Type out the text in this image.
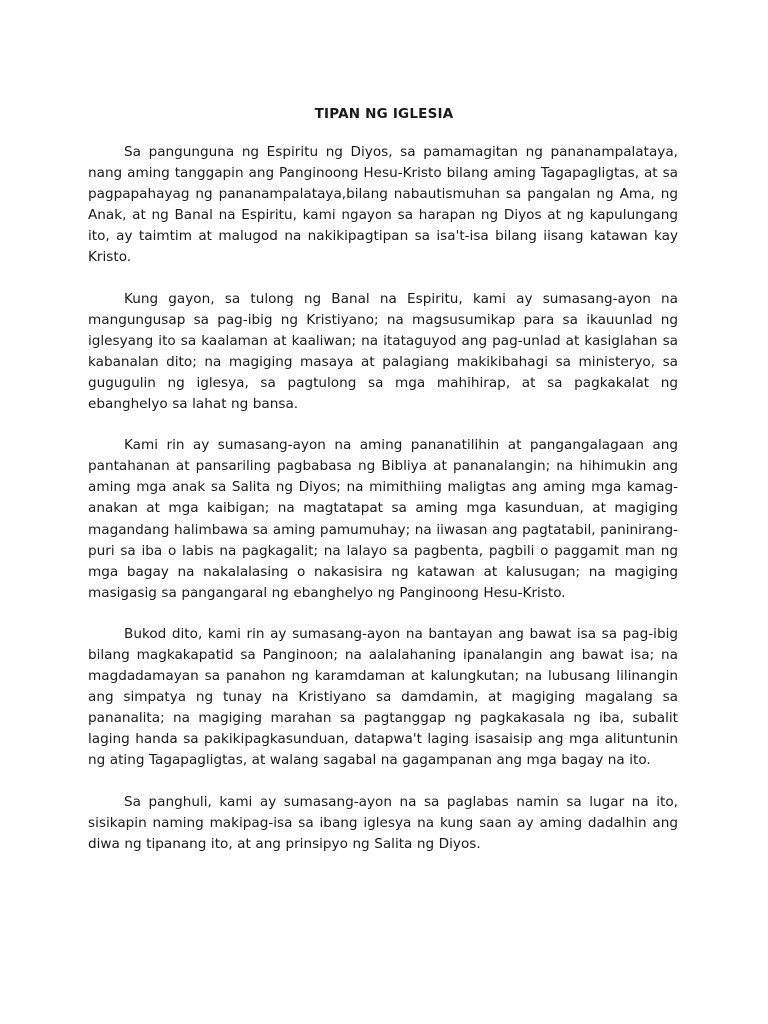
TIPAN NG IGLESIA

Sa pangunguna ng Espiritu ng Diyos, sa pamamagitan ng pananampalataya, nang aming tanggapin ang Panginoong Hesu-Kristo bilang aming Tagapagligtas, at sa pagpapahayag ng pananampalataya,bilang nabautismuhan sa pangalan ng Ama, ng Anak, at ng Banal na Espiritu, kami ngayon sa harapan ng Diyos at ng kapulungang ito, ay taimtim at malugod na nakikipagtipan sa isa't-isa bilang iisang katawan kay Kristo.

Kung gayon, sa tulong ng Banal na Espiritu, kami ay sumasang-ayon na mangungusap sa pag-ibig ng Kristiyano; na magsusumikap para sa ikauunlad ng iglesyang ito sa kaalaman at kaaliwan; na itataguyod ang pag-unlad at kasiglahan sa kabanalan dito; na magiging masaya at palagiang makikibahagi sa ministeryo, sa gugugulin ng iglesya, sa pagtulong sa mga mahihirap, at sa pagkakalat ng ebanghelyo sa lahat ng bansa.

Kami rin ay sumasang-ayon na aming pananatilihin at pangangalagaan ang pantahanan at pansariling pagbabasa ng Bibliya at pananalangin; na hihimukin ang aming mga anak sa Salita ng Diyos; na mimithiing maligtas ang aming mga kamag-anakan at mga kaibigan; na magtatapat sa aming mga kasunduan, at magiging magandang halimbawa sa aming pamumuhay; na iiwasan ang pagtatabil, paninirang-puri sa iba o labis na pagkagalit; na lalayo sa pagbenta, pagbili o paggamit man ng mga bagay na nakalalasing o nakasisira ng katawan at kalusugan; na magiging masigasig sa pangangaral ng ebanghelyo ng Panginoong Hesu-Kristo.

Bukod dito, kami rin ay sumasang-ayon na bantayan ang bawat isa sa pag-ibig bilang magkakapatid sa Panginoon; na aalalahaning ipanalangin ang bawat isa; na magdadamayan sa panahon ng karamdaman at kalungkutan; na lubusang lilinangin ang simpatya ng tunay na Kristiyano sa damdamin, at magiging magalang sa pananalita; na magiging marahan sa pagtanggap ng pagkakasala ng iba, subalit laging handa sa pakikipagkasunduan, datapwa't laging isasaisip ang mga alituntunin ng ating Tagapagligtas, at walang sagabal na gagampanan ang mga bagay na ito.

Sa panghuli, kami ay sumasang-ayon na sa paglabas namin sa lugar na ito, sisikapin naming makipag-isa sa ibang iglesya na kung saan ay aming dadalhin ang diwa ng tipanang ito, at ang prinsipyo ng Salita ng Diyos.
